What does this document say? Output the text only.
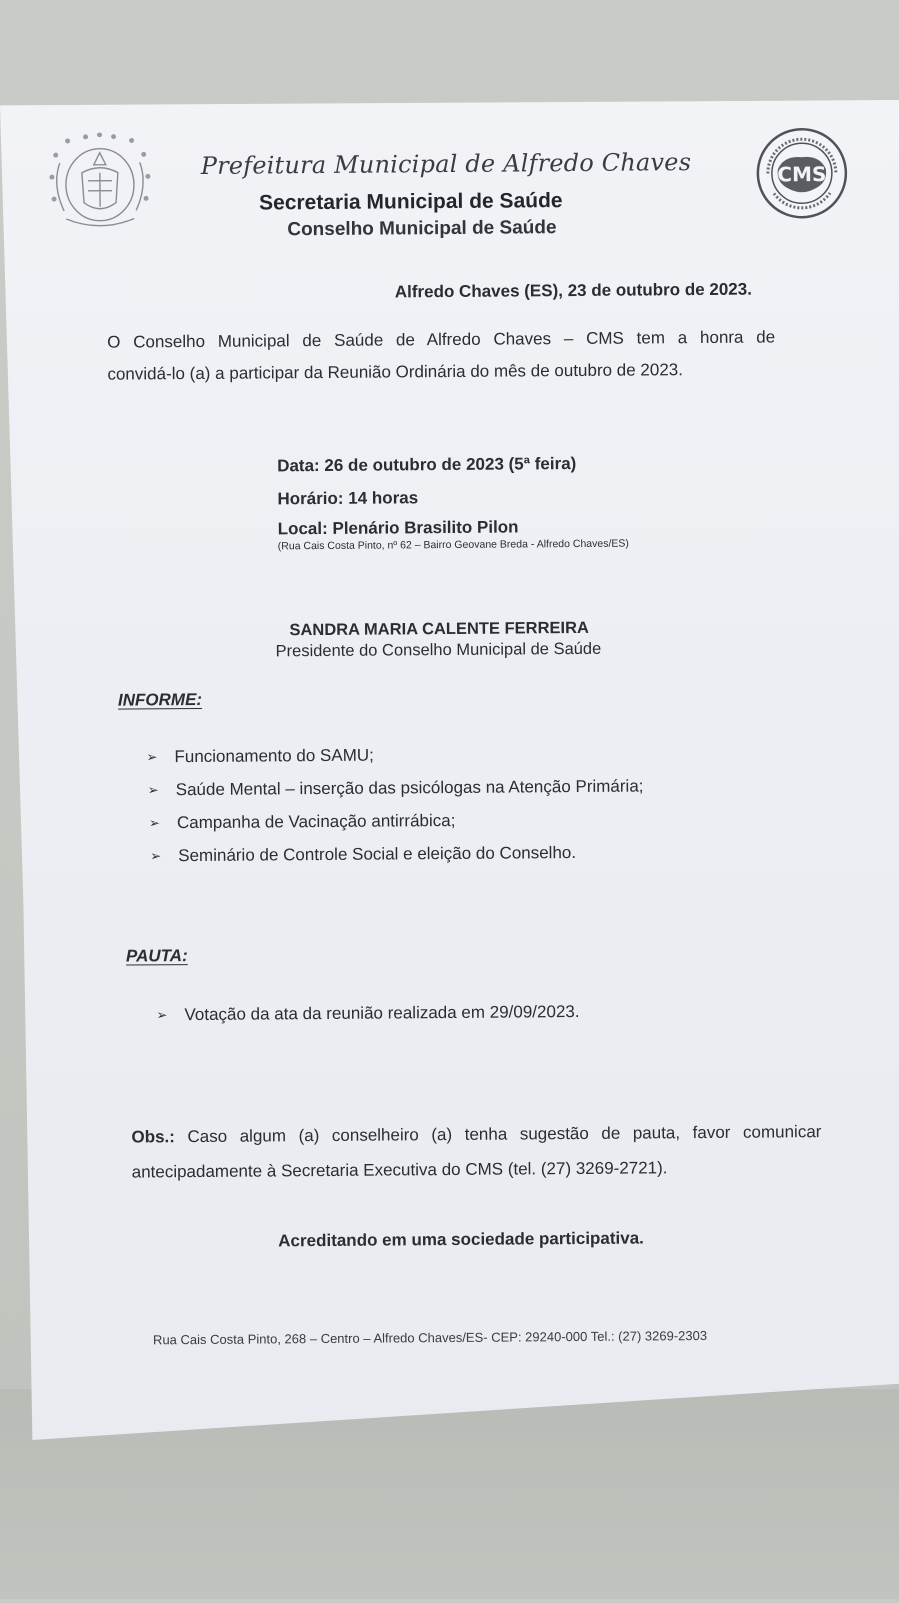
CMS
Prefeitura Municipal de Alfredo Chaves
Secretaria Municipal de Saúde
Conselho Municipal de Saúde
Alfredo Chaves (ES), 23 de outubro de 2023.
O Conselho Municipal de Saúde de Alfredo Chaves – CMS tem a honra de
convidá-lo (a) a participar da Reunião Ordinária do mês de outubro de 2023.
Data: 26 de outubro de 2023 (5ª feira)
Horário: 14 horas
Local: Plenário Brasilito Pilon
(Rua Cais Costa Pinto, nº 62 – Bairro Geovane Breda - Alfredo Chaves/ES)
SANDRA MARIA CALENTE FERREIRA
Presidente do Conselho Municipal de Saúde
INFORME:
➢ Funcionamento do SAMU;
➢ Saúde Mental – inserção das psicólogas na Atenção Primária;
➢ Campanha de Vacinação antirrábica;
➢ Seminário de Controle Social e eleição do Conselho.
PAUTA:
➢ Votação da ata da reunião realizada em 29/09/2023.
Obs.: Caso algum (a) conselheiro (a) tenha sugestão de pauta, favor comunicar
antecipadamente à Secretaria Executiva do CMS (tel. (27) 3269-2721).
Acreditando em uma sociedade participativa.
Rua Cais Costa Pinto, 268 – Centro – Alfredo Chaves/ES- CEP: 29240-000 Tel.: (27) 3269-2303
